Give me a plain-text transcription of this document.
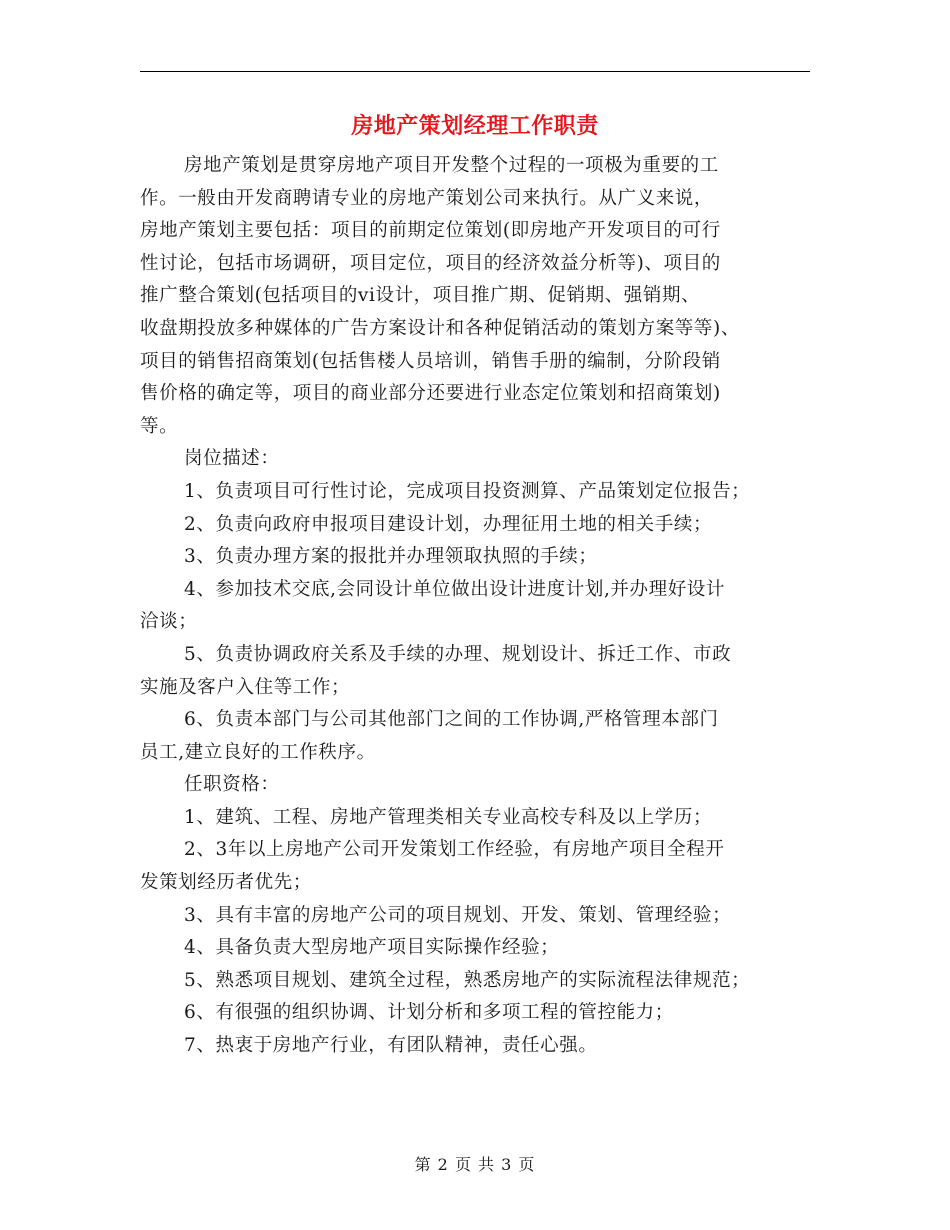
房地产策划经理工作职责

房地产策划是贯穿房地产项目开发整个过程的一项极为重要的工

作。一般由开发商聘请专业的房地产策划公司来执行。从广义来说，

房地产策划主要包括：项目的前期定位策划(即房地产开发项目的可行

性讨论，包括市场调研，项目定位，项目的经济效益分析等)、项目的

推广整合策划(包括项目的vi设计，项目推广期、促销期、强销期、

收盘期投放多种媒体的广告方案设计和各种促销活动的策划方案等等)、

项目的销售招商策划(包括售楼人员培训，销售手册的编制，分阶段销

售价格的确定等，项目的商业部分还要进行业态定位策划和招商策划)

等。

岗位描述：

1、负责项目可行性讨论，完成项目投资测算、产品策划定位报告；

2、负责向政府申报项目建设计划，办理征用土地的相关手续；

3、负责办理方案的报批并办理领取执照的手续；

4、参加技术交底,会同设计单位做出设计进度计划,并办理好设计

洽谈；

5、负责协调政府关系及手续的办理、规划设计、拆迁工作、市政

实施及客户入住等工作；

6、负责本部门与公司其他部门之间的工作协调,严格管理本部门

员工,建立良好的工作秩序。

任职资格：

1、建筑、工程、房地产管理类相关专业高校专科及以上学历；

2、3年以上房地产公司开发策划工作经验，有房地产项目全程开

发策划经历者优先；

3、具有丰富的房地产公司的项目规划、开发、策划、管理经验；

4、具备负责大型房地产项目实际操作经验；

5、熟悉项目规划、建筑全过程，熟悉房地产的实际流程法律规范；

6、有很强的组织协调、计划分析和多项工程的管控能力；

7、热衷于房地产行业，有团队精神，责任心强。

第 2 页 共 3 页
